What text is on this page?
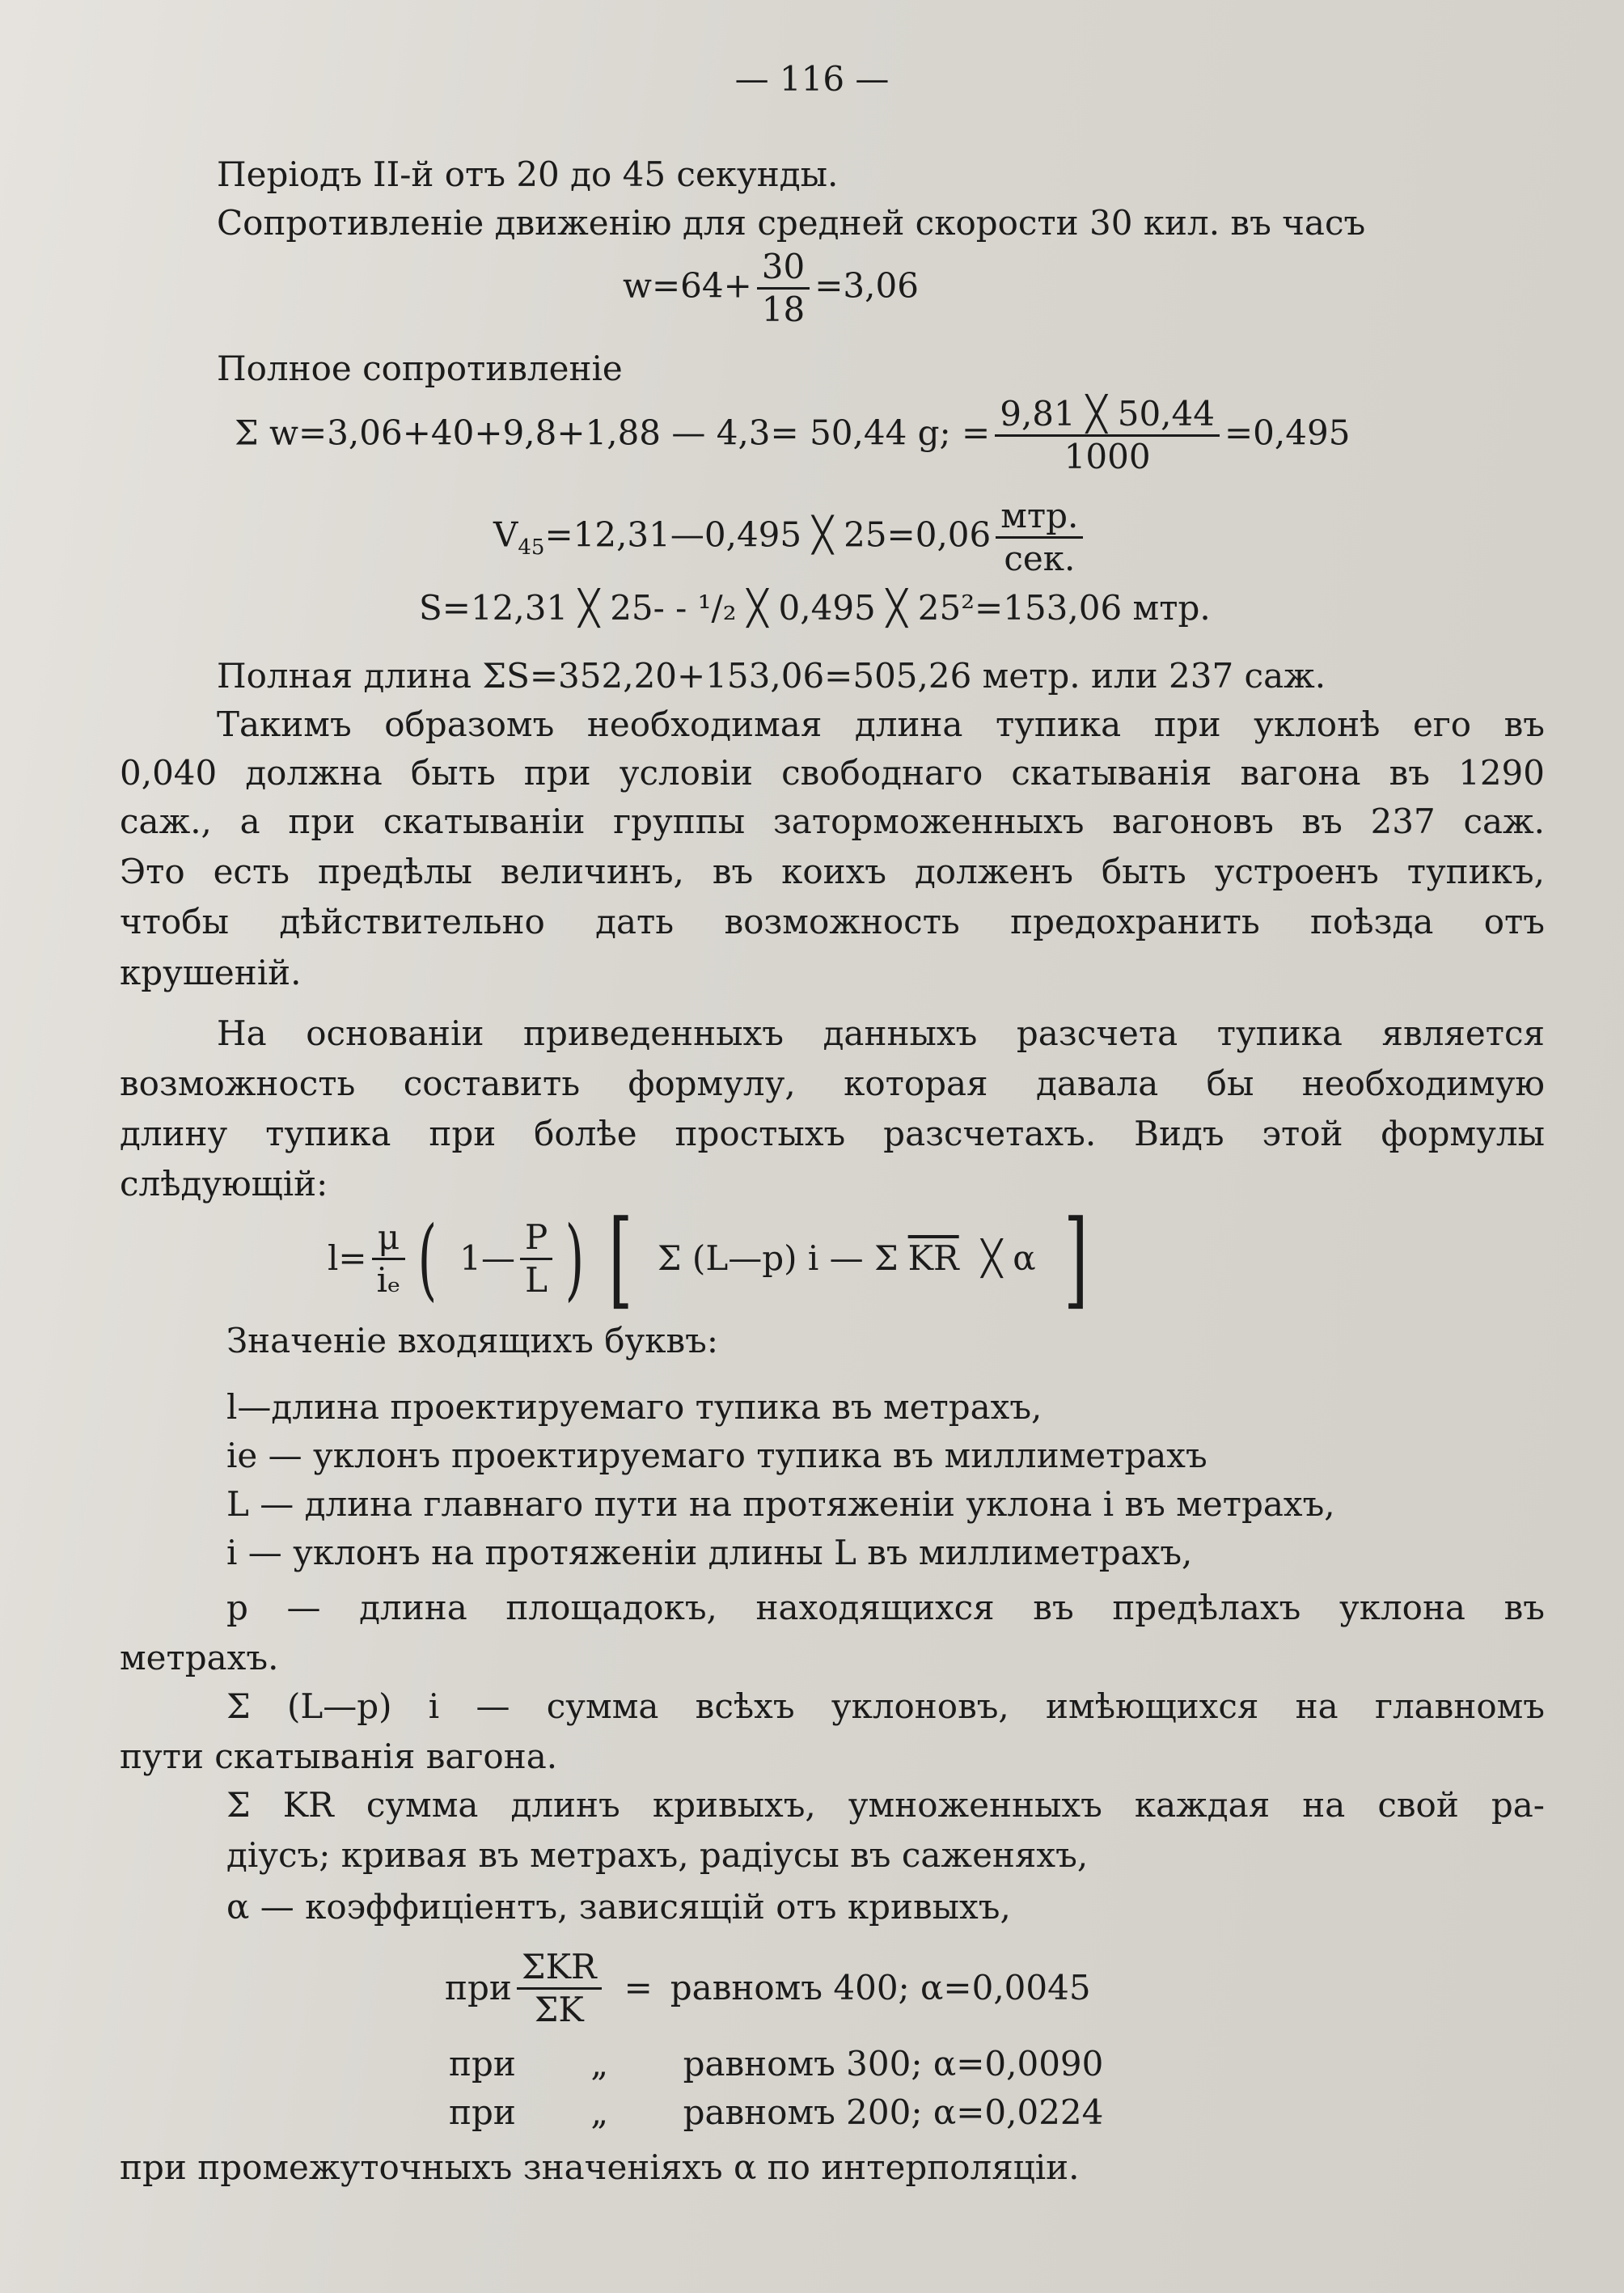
— 116 —
Періодъ II-й отъ 20 до 45 секунды.
Сопротивленіе движенію для средней скорости 30 кил. въ часъ
$w=64+ \frac{30}{18} =3,06$
Полное сопротивленіе
Σ w=3,06+40+9,8+1,88 — 4,3= 50,44 g; = $\frac{9,81 ╳ 50,44}{1000} =0,495$
$V_{45}=12,31—0,495$ ╳ $25=0,06 \frac{\text{мтр.}}{\text{сек.}}$
S=12,31 ╳ 25- - ¹/₂ ╳ 0,495 ╳ 25²=153,06 мтр.
Полная длина ΣS=352,20+153,06=505,26 метр. или 237 саж.
Такимъ образомъ необходимая длина тупика при уклонѣ его въ
0,040 должна быть при условіи свободнаго скатыванія вагона въ 1290
саж., а при скатываніи группы заторможенныхъ вагоновъ въ 237 саж.
Это есть предѣлы величинъ, въ коихъ долженъ быть устроенъ тупикъ,
чтобы дѣйствительно дать возможность предохранить поѣзда отъ
крушеній.
На основаніи приведенныхъ данныхъ разсчета тупика является
возможность составить формулу, которая давала бы необходимую
длину тупика при болѣе простыхъ разсчетахъ. Видъ этой формулы
слѣдующій:
$l= \frac{\mu}{\text{iₑ}}$ ( 1— $\frac{P}{L}$ ) [ Σ (L—p) i — Σ $\overline{KR}$ ╳ α ]
Значеніе входящихъ буквъ:
l—длина проектируемаго тупика въ метрахъ,
iе — уклонъ проектируемаго тупика въ миллиметрахъ
L — длина главнаго пути на протяженіи уклона i въ метрахъ,
i — уклонъ на протяженіи длины L въ миллиметрахъ,
р — длина площадокъ, находящихся въ предѣлахъ уклона въ
метрахъ.
Σ (L—p) i — сумма всѣхъ уклоновъ, имѣющихся на главномъ
пути скатыванія вагона.
Σ KR сумма длинъ кривыхъ, умноженныхъ каждая на свой ра-
діусъ; кривая въ метрахъ, радіусы въ саженяхъ,
α — коэффиціентъ, зависящій отъ кривыхъ,
при $\frac{\text{ΣKR}}{\Sigma K}$ = равномъ 400; α=0,0045
при „ равномъ 300; α=0,0090
при „ равномъ 200; α=0,0224
при промежуточныхъ значеніяхъ α по интерполяціи.
